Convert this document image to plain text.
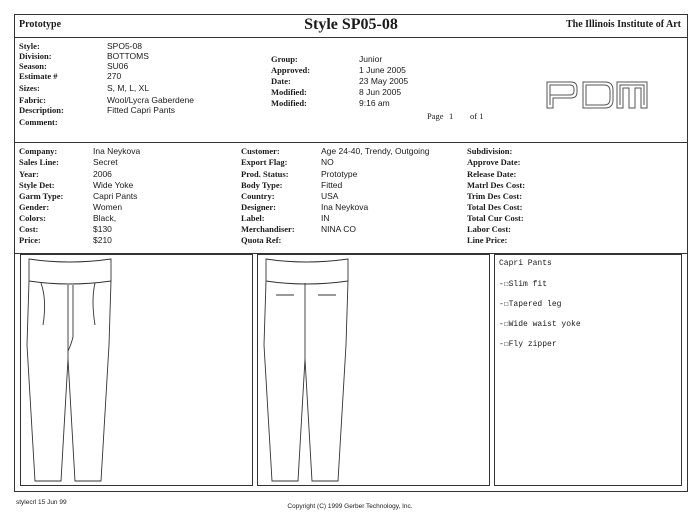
Prototype	Style SP05-08	The Illinois Institute of Art
Style:	SPO5-08
Division:	BOTTOMS
Season:	SU06
Estimate #	270
Sizes:	S, M, L, XL
Fabric:	Wool/Lycra Gaberdene
Description:	Fitted Capri Pants
Comment:
Group:	Junior
Approved:	1 June 2005
Date:	23 May 2005
Modified:	8 Jun 2005
Modified:	9:16 am
Page 1 of 1
Company:	Ina Neykova
Sales Line:	Secret
Year:	2006
Style Det:	Wide Yoke
Garm Type:	Capri Pants
Gender:	Women
Colors:	Black,
Cost:	$130
Price:	$210
Customer:	Age 24-40, Trendy, Outgoing
Export Flag:	NO
Prod. Status:	Prototype
Body Type:	Fitted
Country:	USA
Designer:	Ina Neykova
Label:	IN
Merchandiser:	NINA CO
Quota Ref:
Subdivision:
Approve Date:
Release Date:
Matrl Des Cost:
Trim Des Cost:
Total Des Cost:
Total Cur Cost:
Labor Cost:
Line Price:
Capri Pants
-☐Slim fit
-☐Tapered leg
-☐Wide waist yoke
-☐Fly zipper
stylecrl 15 Jun 99
Copyright (C) 1999 Gerber Technology, Inc.
